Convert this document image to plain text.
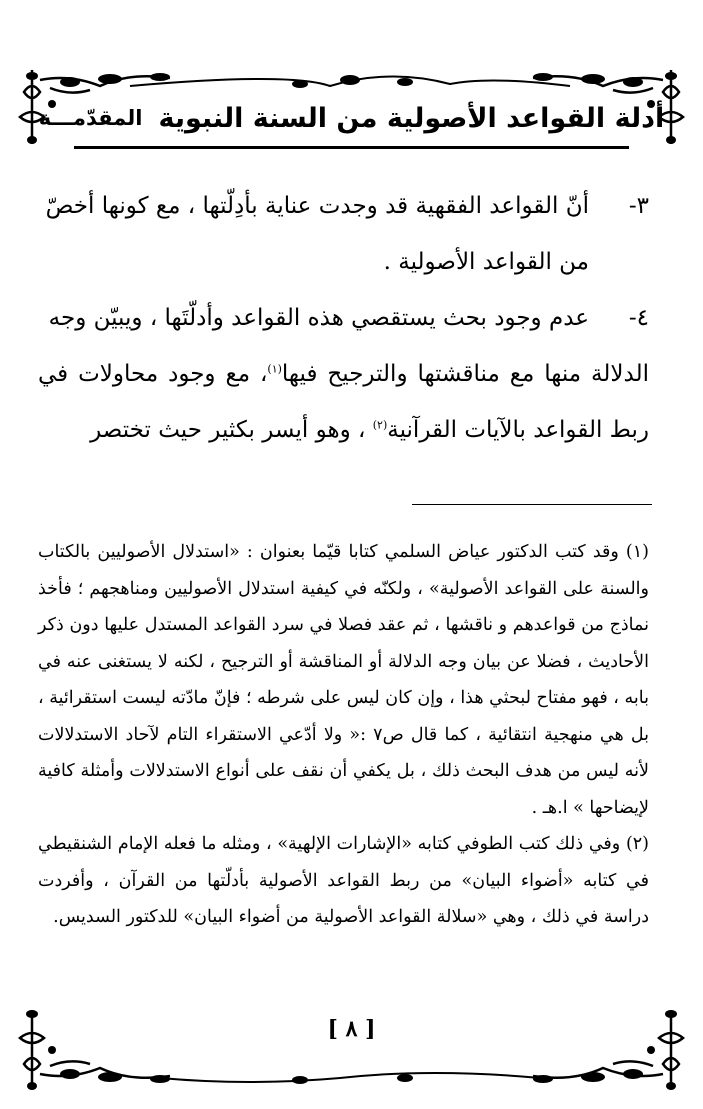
أدلة القواعد الأصولية من السنة النبوية
المقدّمـــة
٣-
أنّ القواعد الفقهية قد وجدت عناية بأدِلّتها ، مع كونها أخصّ

من القواعد الأصولية .

٤-
عدم وجود بحث يستقصي هذه القواعد وأدلّتَها ، ويبيّن وجه

الدلالة منها مع مناقشتها والترجيح فيها$^{(١)}$، مع وجود محاولات في ربط القواعد بالآيات القرآنية$^{(٢)}$ ، وهو أيسر بكثير حيث تختصر

(١) وقد كتب الدكتور عياض السلمي كتابا قيّما بعنوان : «استدلال الأصوليين بالكتاب والسنة على القواعد الأصولية» ، ولكنّه في كيفية استدلال الأصوليين ومناهجهم ؛ فأخذ نماذج من قواعدهم و ناقشها ، ثم عقد فصلا في سرد القواعد المستدل عليها دون ذكر الأحاديث ، فضلا عن بيان وجه الدلالة أو المناقشة أو الترجيح ، لكنه لا يستغنى عنه في بابه ، فهو مفتاح لبحثي هذا ، وإن كان ليس على شرطه ؛ فإنّ مادّته ليست استقرائية ، بل هي منهجية انتقائية ، كما قال ص٧ :« ولا أدّعي الاستقراء التام لآحاد الاستدلالات لأنه ليس من هدف البحث ذلك ، بل يكفي أن نقف على أنواع الاستدلالات وأمثلة كافية لإيضاحها » ا.هـ .

(٢) وفي ذلك كتب الطوفي كتابه «الإشارات الإلهية» ، ومثله ما فعله الإمام الشنقيطي في كتابه «أضواء البيان» من ربط القواعد الأصولية بأدلّتها من القرآن ، وأفردت دراسة في ذلك ، وهي «سلالة القواعد الأصولية من أضواء البيان» للدكتور السديس.

[ ٨ ]
